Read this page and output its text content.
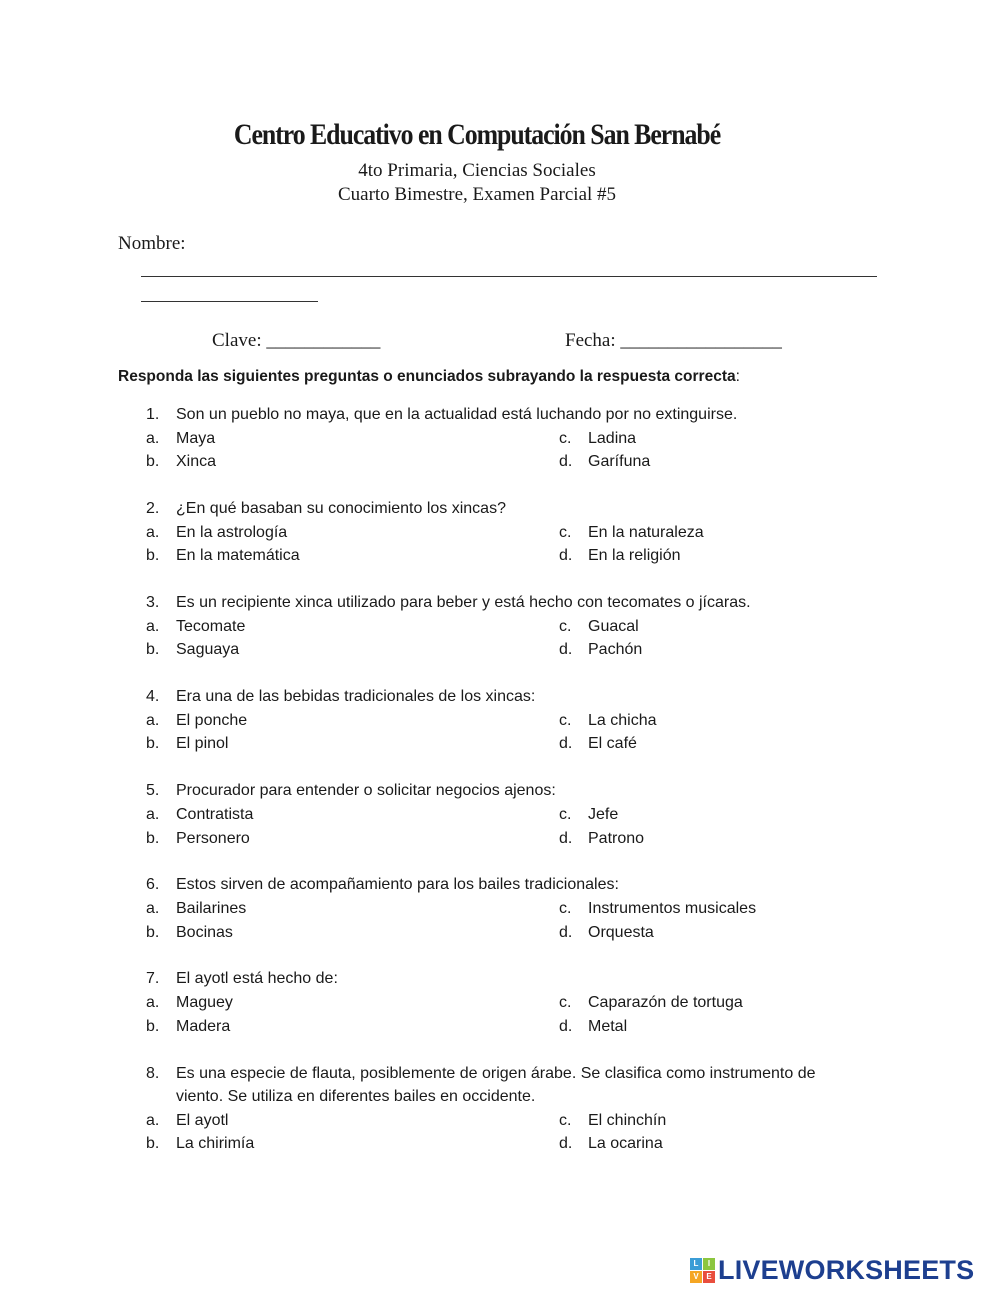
Centro Educativo en Computación San Bernabé
4to Primaria, Ciencias Sociales
Cuarto Bimestre, Examen Parcial #5
Nombre:
Clave: ____________	Fecha: _________________
Responda las siguientes preguntas o enunciados subrayando la respuesta correcta:
1. Son un pueblo no maya, que en la actualidad está luchando por no extinguirse.
a. Maya	c. Ladina
b. Xinca	d. Garífuna
2. ¿En qué basaban su conocimiento los xincas?
a. En la astrología	c. En la naturaleza
b. En la matemática	d. En la religión
3. Es un recipiente xinca utilizado para beber y está hecho con tecomates o jícaras.
a. Tecomate	c. Guacal
b. Saguaya	d. Pachón
4. Era una de las bebidas tradicionales de los xincas:
a. El ponche	c. La chicha
b. El pinol	d. El café
5. Procurador para entender o solicitar negocios ajenos:
a. Contratista	c. Jefe
b. Personero	d. Patrono
6. Estos sirven de acompañamiento para los bailes tradicionales:
a. Bailarines	c. Instrumentos musicales
b. Bocinas	d. Orquesta
7. El ayotl está hecho de:
a. Maguey	c. Caparazón de tortuga
b. Madera	d. Metal
8. Es una especie de flauta, posiblemente de origen árabe. Se clasifica como instrumento de viento. Se utiliza en diferentes bailes en occidente.
a. El ayotl	c. El chinchín
b. La chirimía	d. La ocarina
L	I
V E LIVEWORKSHEETS
